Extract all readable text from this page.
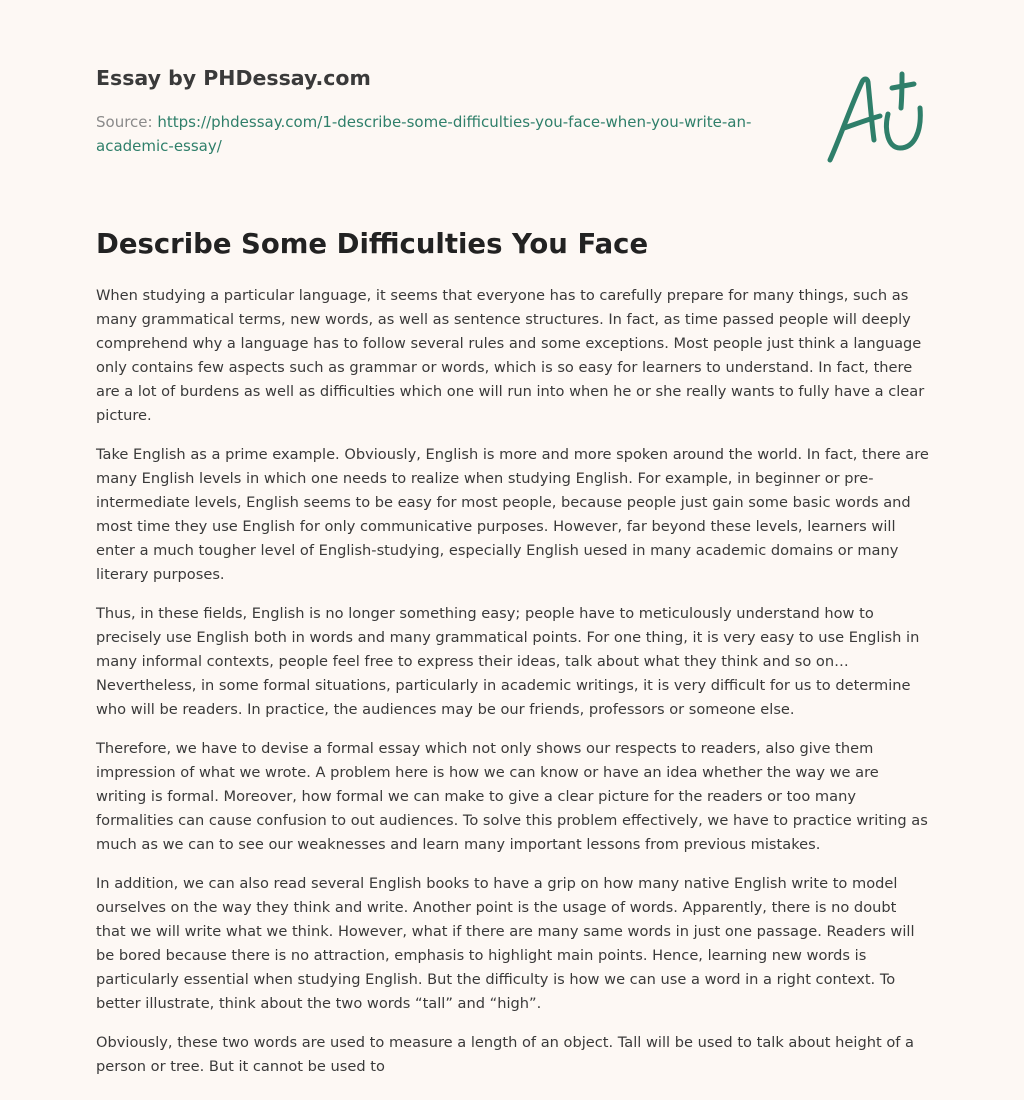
Essay by PHDessay.com
Source: https://phdessay.com/1-describe-some-difficulties-you-face-when-you-write-an-academic-essay/
Describe Some Difficulties You Face

When studying a particular language, it seems that everyone has to carefully prepare for many things, such as many grammatical terms, new words, as well as sentence structures. In fact, as time passed people will deeply comprehend why a language has to follow several rules and some exceptions. Most people just think a language only contains few aspects such as grammar or words, which is so easy for learners to understand. In fact, there are a lot of burdens as well as difficulties which one will run into when he or she really wants to fully have a clear picture.

Take English as a prime example. Obviously, English is more and more spoken around the world. In fact, there are many English levels in which one needs to realize when studying English. For example, in beginner or pre-intermediate levels, English seems to be easy for most people, because people just gain some basic words and most time they use English for only communicative purposes. However, far beyond these levels, learners will enter a much tougher level of English-studying, especially English uesed in many academic domains or many literary purposes.

Thus, in these fields, English is no longer something easy; people have to meticulously understand how to precisely use English both in words and many grammatical points. For one thing, it is very easy to use English in many informal contexts, people feel free to express their ideas, talk about what they think and so on… Nevertheless, in some formal situations, particularly in academic writings, it is very difficult for us to determine who will be readers. In practice, the audiences may be our friends, professors or someone else.

Therefore, we have to devise a formal essay which not only shows our respects to readers, also give them impression of what we wrote. A problem here is how we can know or have an idea whether the way we are writing is formal. Moreover, how formal we can make to give a clear picture for the readers or too many formalities can cause confusion to out audiences. To solve this problem effectively, we have to practice writing as much as we can to see our weaknesses and learn many important lessons from previous mistakes.

In addition, we can also read several English books to have a grip on how many native English write to model ourselves on the way they think and write. Another point is the usage of words. Apparently, there is no doubt that we will write what we think. However, what if there are many same words in just one passage. Readers will be bored because there is no attraction, emphasis to highlight main points. Hence, learning new words is particularly essential when studying English. But the difficulty is how we can use a word in a right context. To better illustrate, think about the two words “tall” and “high”.

Obviously, these two words are used to measure a length of an object. Tall will be used to talk about height of a person or tree. But it cannot be used to
